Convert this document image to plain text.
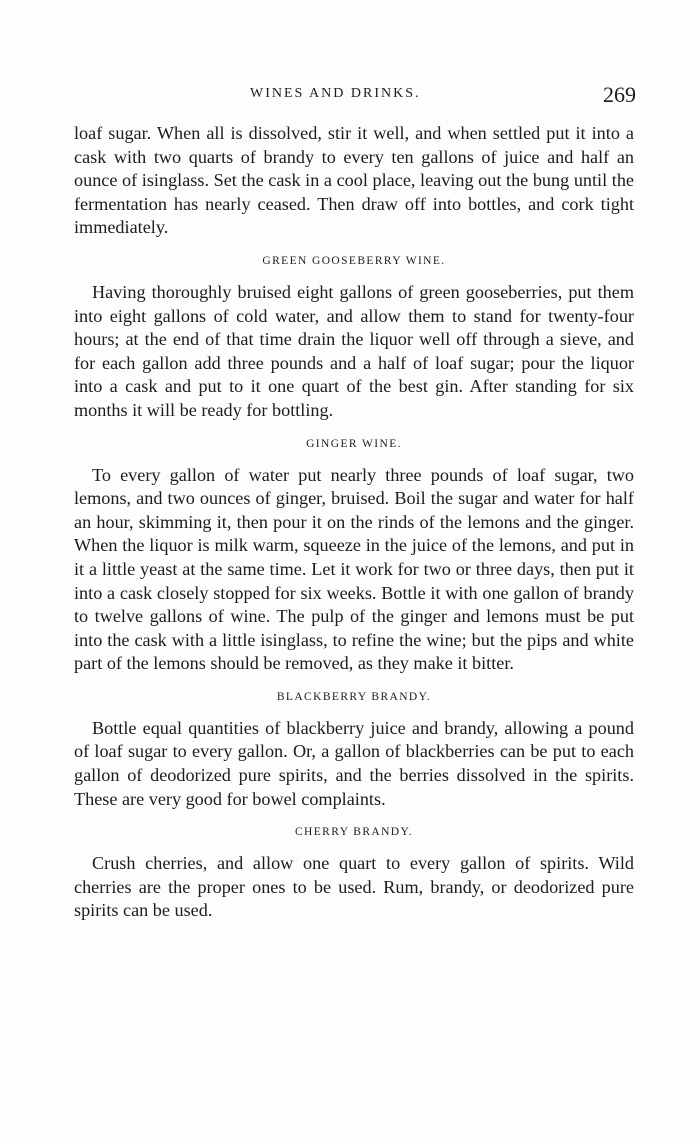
WINES AND DRINKS.	269

loaf sugar. When all is dissolved, stir it well, and when settled put it into a cask with two quarts of brandy to every ten gallons of juice and half an ounce of isinglass. Set the cask in a cool place, leaving out the bung until the fermentation has nearly ceased. Then draw off into bottles, and cork tight immediately.

GREEN GOOSEBERRY WINE.

Having thoroughly bruised eight gallons of green gooseberries, put them into eight gallons of cold water, and allow them to stand for twenty-four hours; at the end of that time drain the liquor well off through a sieve, and for each gallon add three pounds and a half of loaf sugar; pour the liquor into a cask and put to it one quart of the best gin. After standing for six months it will be ready for bottling.

GINGER WINE.

To every gallon of water put nearly three pounds of loaf sugar, two lemons, and two ounces of ginger, bruised. Boil the sugar and water for half an hour, skimming it, then pour it on the rinds of the lemons and the ginger. When the liquor is milk warm, squeeze in the juice of the lemons, and put in it a little yeast at the same time. Let it work for two or three days, then put it into a cask closely stopped for six weeks. Bottle it with one gallon of brandy to twelve gallons of wine. The pulp of the ginger and lemons must be put into the cask with a little isinglass, to refine the wine; but the pips and white part of the lemons should be removed, as they make it bitter.

BLACKBERRY BRANDY.

Bottle equal quantities of blackberry juice and brandy, allowing a pound of loaf sugar to every gallon. Or, a gallon of blackberries can be put to each gallon of deodorized pure spirits, and the berries dissolved in the spirits. These are very good for bowel complaints.

CHERRY BRANDY.

Crush cherries, and allow one quart to every gallon of spirits. Wild cherries are the proper ones to be used. Rum, brandy, or deodorized pure spirits can be used.
